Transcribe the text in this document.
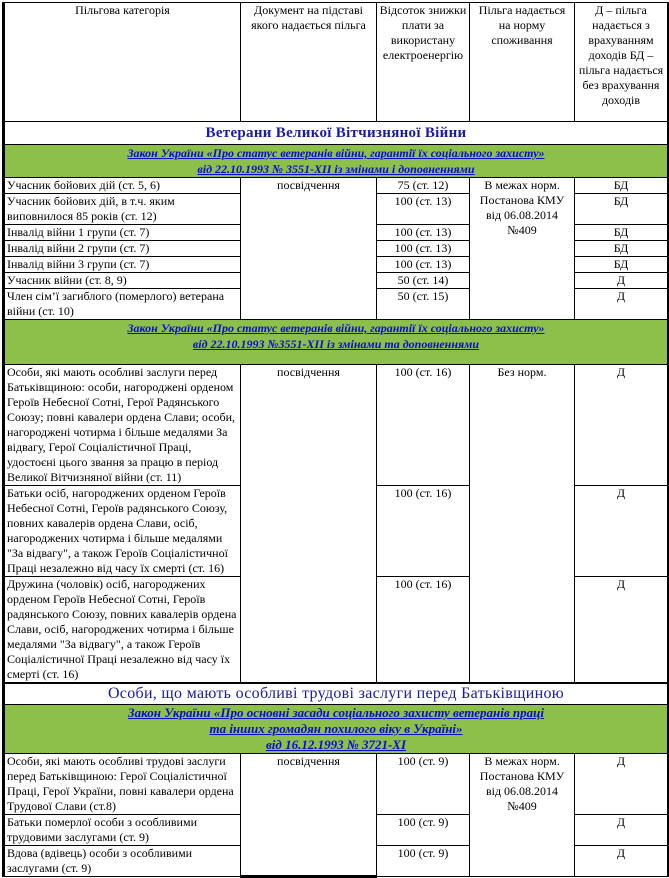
Пільгова категорія	Документ на підставі якого надається пільга	Відсоток знижки плати за використану електроенергію	Пільга надається на норму споживання	Д – пільга надається з врахуванням доходів БД – пільга надається без врахування доходів
Ветерани Великої Вітчизняної Війни				
Закон України «Про статус ветеранів війни, гарантії їх соціального захисту»
від 22.10.1993 № 3551-XII із змінами і доповненнями				
Учасник бойових дій (ст. 5, 6)	посвідчення	75 (ст. 12)	В межах норм. Постанова КМУ від 06.08.2014 №409	БД
Учасник бойових дій, в т.ч. яким виповнилося 85 років (ст. 12)		100 (ст. 13)		БД
Інвалід війни 1 групи (ст. 7)		100 (ст. 13)		БД
Інвалід війни 2 групи (ст. 7)		100 (ст. 13)		БД
Інвалід війни 3 групи (ст. 7)		100 (ст. 13)		БД
Учасник війни (ст. 8, 9)		50 (ст. 14)		Д
Член сім’ї загиблого (померлого) ветерана війни (ст. 10)		50 (ст. 15)		Д
Закон України «Про статус ветеранів війни, гарантії їх соціального захисту»
від 22.10.1993 №3551-XII із змінами та доповненнями				
Особи, які мають особливі заслуги перед Батьківщиною: особи, нагороджені орденом Героїв Небесної Сотні, Герої Радянського Союзу; повні кавалери ордена Слави; особи, нагороджені чотирма і більше медалями За відвагу, Герої Соціалістичної Праці, удостоєні цього звання за працю в період Великої Вітчизняної війни (ст. 11)	посвідчення	100 (ст. 16)	Без норм.	Д
Батьки осіб, нагороджених орденом Героїв Небесної Сотні, Героїв радянського Союзу, повних кавалерів ордена Слави, осіб, нагороджених чотирма і більше медалями "За відвагу", а також Героїв Соціалістичної Праці незалежно від часу їх смерті (ст. 16)		100 (ст. 16)		Д
Дружина (чоловік) осіб, нагороджених орденом Героїв Небесної Сотні, Героїв радянського Союзу, повних кавалерів ордена Слави, осіб, нагороджених чотирма і більше медалями "За відвагу", а також Героїв Соціалістичної Праці незалежно від часу їх смерті (ст. 16)		100 (ст. 16)		Д
Особи, що мають особливі трудові заслуги перед Батьківщиною				
Закон України «Про основні засади соціального захисту ветеранів праці
та інших громадян похилого віку в Україні»
від 16.12.1993 № 3721-XI				
Особи, які мають особливі трудові заслуги перед Батьківщиною: Герої Соціалістичної Праці, Герої України, повні кавалери ордена Трудової Слави (ст.8)	посвідчення	100 (ст. 9)	В межах норм. Постанова КМУ від 06.08.2014 №409	Д
Батьки померлої особи з особливими трудовими заслугами (ст. 9)		100 (ст. 9)		Д
Вдова (вдівець) особи з особливими заслугами (ст. 9)		100 (ст. 9)		Д
